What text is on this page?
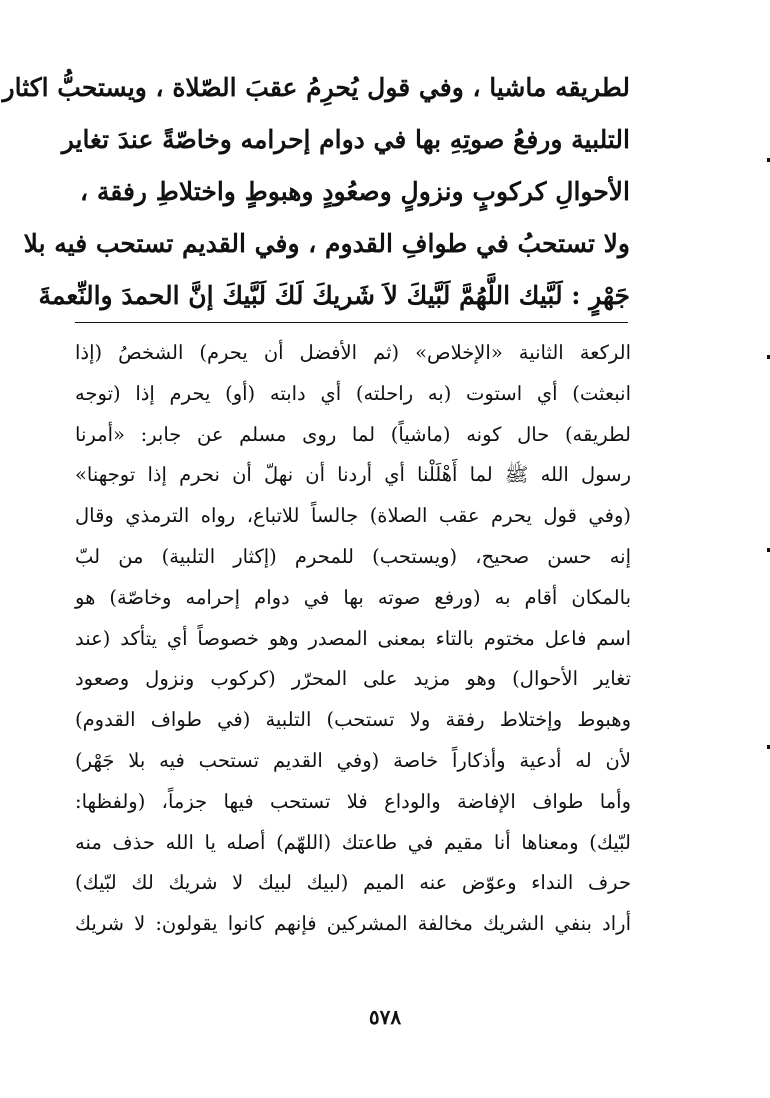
لطريقه ماشيا ، وفي قول يُحرِمُ عقبَ الصّلاة ، ويستحبُّ اكثار
التلبية ورفعُ صوتِهِ بها في دوام إحرامه وخاصّةً عندَ تغاير
الأحوالِ كركوبٍ ونزولٍ وصعُودٍ وهبوطٍ واختلاطِ رفقة ،
ولا تستحبُ في طوافِ القدوم ، وفي القديم تستحب فيه بلا
جَهْرٍ : لَبَّيك اللَّهُمَّ لَبَّيكَ لاَ شَريكَ لَكَ لَبَّيكَ إنَّ الحمدَ والنِّعمةَ
الركعة الثانية «الإخلاص» (ثم الأفضل أن يحرم) الشخصُ (إذا
انبعثت) أي استوت (به راحلته) أي دابته (أو) يحرم إذا (توجه
لطريقه) حال كونه (ماشياً) لما روى مسلم عن جابر: «أمرنا
رسول الله ﷺ لما أَهْلَلْنا أي أردنا أن نهلّ أن نحرم إذا توجهنا»
(وفي قول يحرم عقب الصلاة) جالساً للاتباع، رواه الترمذي وقال
إنه حسن صحيح، (ويستحب) للمحرم (إكثار التلبية) من لبّ
بالمكان أقام به (ورفع صوته بها في دوام إحرامه وخاصّة) هو
اسم فاعل مختوم بالتاء بمعنى المصدر وهو خصوصاً أي يتأكد (عند
تغاير الأحوال) وهو مزيد على المحرّر (كركوب ونزول وصعود
وهبوط وإختلاط رفقة ولا تستحب) التلبية (في طواف القدوم)
لأن له أدعية وأذكاراً خاصة (وفي القديم تستحب فيه بلا جَهْر)
وأما طواف الإفاضة والوداع فلا تستحب فيها جزماً، (ولفظها:
لبّيك) ومعناها أنا مقيم في طاعتك (اللهّم) أصله يا الله حذف منه
حرف النداء وعوّض عنه الميم (لبيك لبيك لا شريك لك لبّيك)
أراد بنفي الشريك مخالفة المشركين فإنهم كانوا يقولون: لا شريك
٥٧٨
